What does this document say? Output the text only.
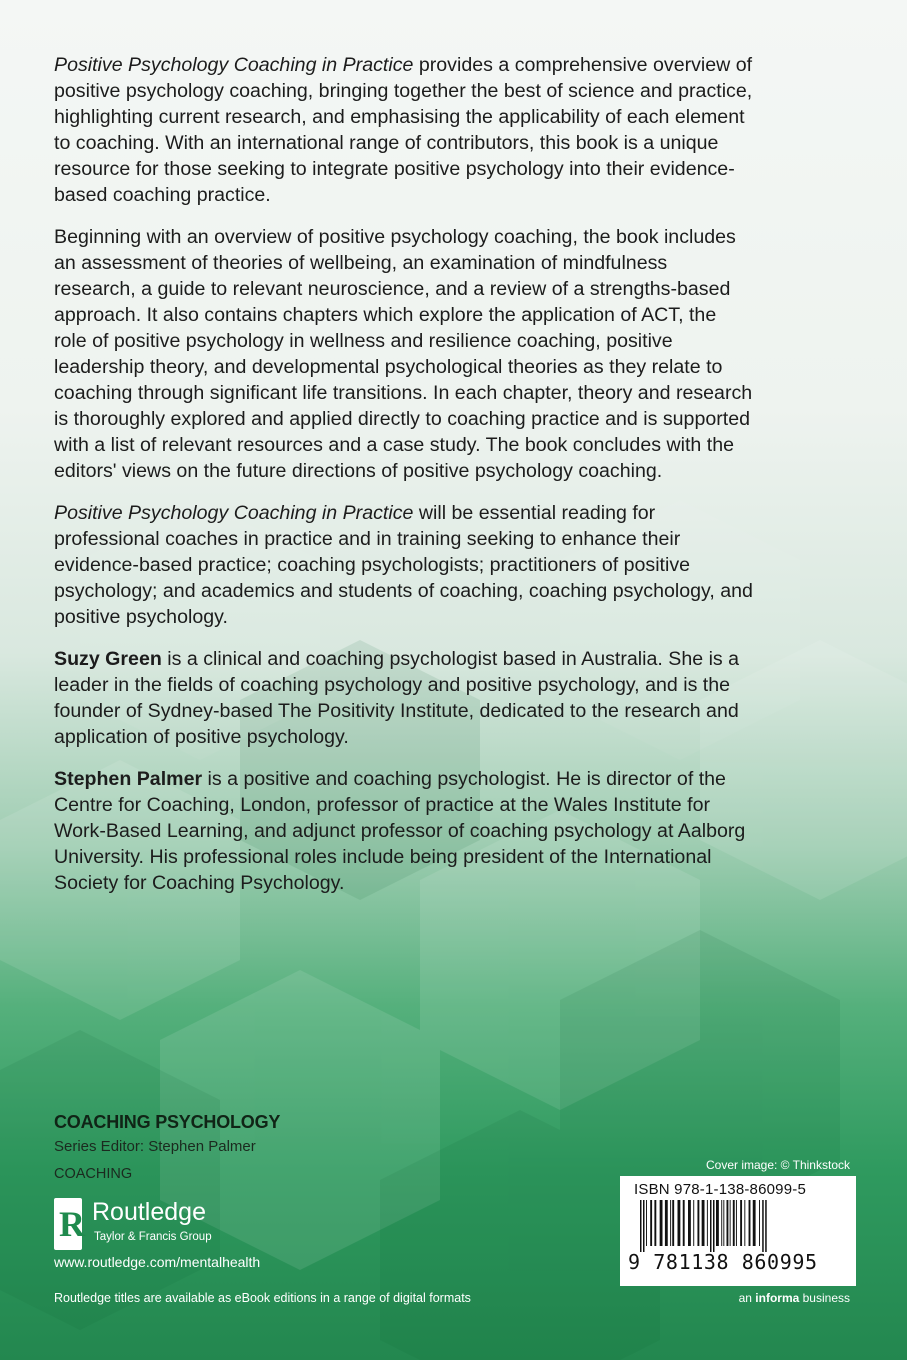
Positive Psychology Coaching in Practice provides a comprehensive overview of positive psychology coaching, bringing together the best of science and practice, highlighting current research, and emphasising the applicability of each element to coaching. With an international range of contributors, this book is a unique resource for those seeking to integrate positive psychology into their evidence-based coaching practice.

Beginning with an overview of positive psychology coaching, the book includes an assessment of theories of wellbeing, an examination of mindfulness research, a guide to relevant neuroscience, and a review of a strengths-based approach. It also contains chapters which explore the application of ACT, the role of positive psychology in wellness and resilience coaching, positive leadership theory, and developmental psychological theories as they relate to coaching through significant life transitions. In each chapter, theory and research is thoroughly explored and applied directly to coaching practice and is supported with a list of relevant resources and a case study. The book concludes with the editors' views on the future directions of positive psychology coaching.

Positive Psychology Coaching in Practice will be essential reading for professional coaches in practice and in training seeking to enhance their evidence-based practice; coaching psychologists; practitioners of positive psychology; and academics and students of coaching, coaching psychology, and positive psychology.

Suzy Green is a clinical and coaching psychologist based in Australia. She is a leader in the fields of coaching psychology and positive psychology, and is the founder of Sydney-based The Positivity Institute, dedicated to the research and application of positive psychology.

Stephen Palmer is a positive and coaching psychologist. He is director of the Centre for Coaching, London, professor of practice at the Wales Institute for Work-Based Learning, and adjunct professor of coaching psychology at Aalborg University. His professional roles include being president of the International Society for Coaching Psychology.

COACHING PSYCHOLOGY
Series Editor: Stephen Palmer
COACHING
R Routledge
Taylor & Francis Group
www.routledge.com/mentalhealth
Routledge titles are available as eBook editions in a range of digital formats
Cover image: © Thinkstock
ISBN 978-1-138-86099-5
9 781138 860995
an informa business
